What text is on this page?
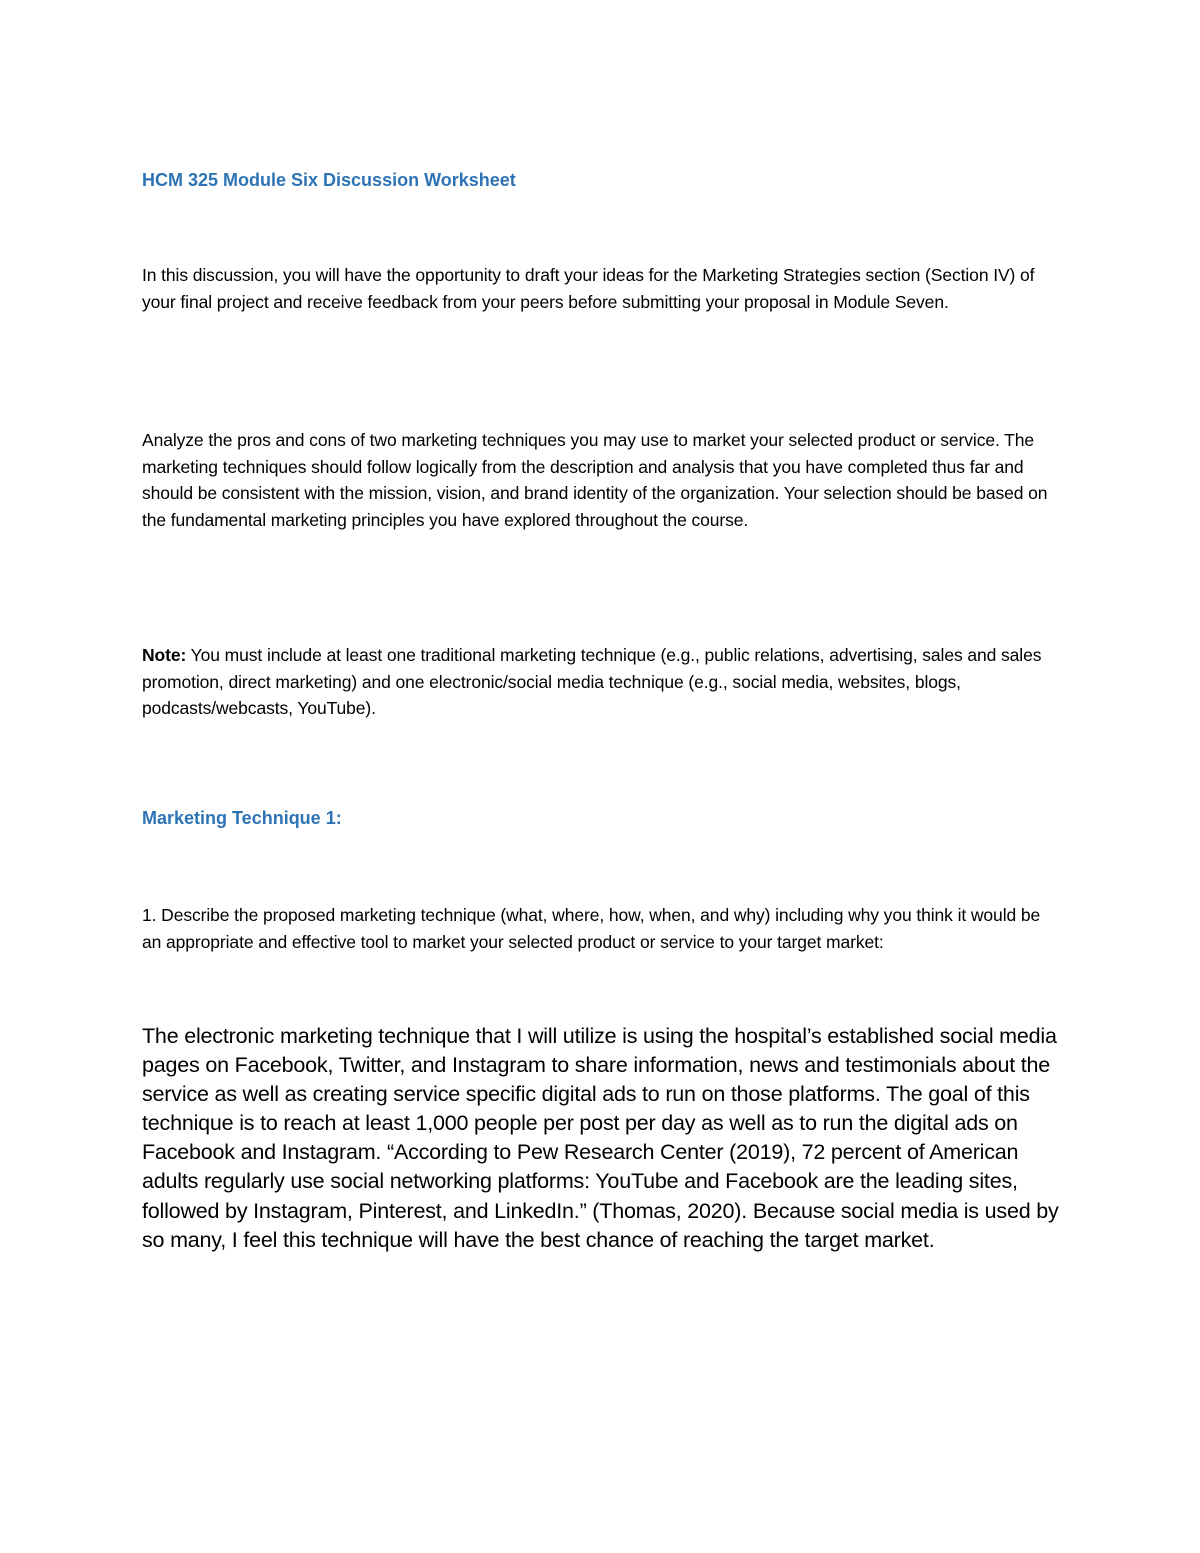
HCM 325 Module Six Discussion Worksheet

In this discussion, you will have the opportunity to draft your ideas for the Marketing Strategies section (Section IV) of your final project and receive feedback from your peers before submitting your proposal in Module Seven.

Analyze the pros and cons of two marketing techniques you may use to market your selected product or service. The marketing techniques should follow logically from the description and analysis that you have completed thus far and should be consistent with the mission, vision, and brand identity of the organization. Your selection should be based on the fundamental marketing principles you have explored throughout the course.

Note: You must include at least one traditional marketing technique (e.g., public relations, advertising, sales and sales promotion, direct marketing) and one electronic/social media technique (e.g., social media, websites, blogs, podcasts/webcasts, YouTube).

Marketing Technique 1:

1. Describe the proposed marketing technique (what, where, how, when, and why) including why you think it would be an appropriate and effective tool to market your selected product or service to your target market:

The electronic marketing technique that I will utilize is using the hospital’s established social media pages on Facebook, Twitter, and Instagram to share information, news and testimonials about the service as well as creating service specific digital ads to run on those platforms. The goal of this technique is to reach at least 1,000 people per post per day as well as to run the digital ads on Facebook and Instagram. “According to Pew Research Center (2019), 72 percent of American adults regularly use social networking platforms: YouTube and Facebook are the leading sites, followed by Instagram, Pinterest, and LinkedIn.” (Thomas, 2020). Because social media is used by so many, I feel this technique will have the best chance of reaching the target market.
